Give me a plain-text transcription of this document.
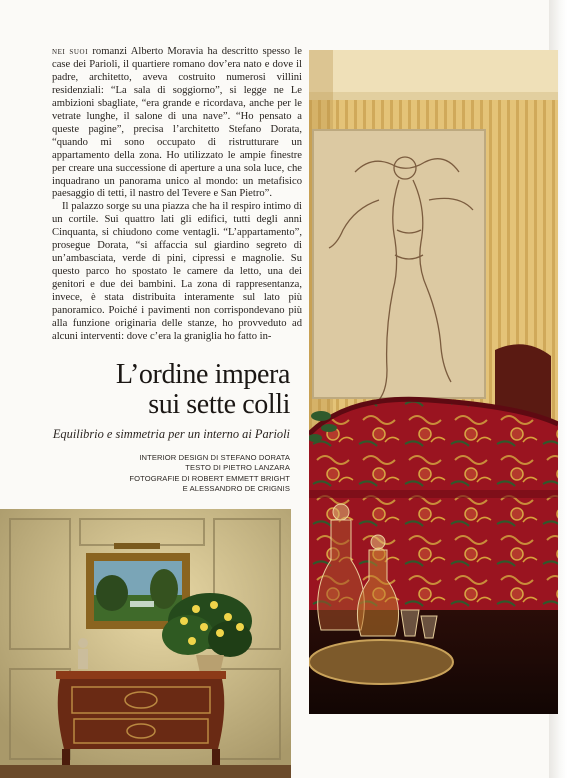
NEI SUOI romanzi Alberto Moravia ha descritto spesso le case dei Parioli, il quartiere romano dov’era nato e dove il padre, architetto, aveva costruito numerosi villini residenziali: “La sala di soggiorno”, si legge ne Le ambizioni sbagliate, “era grande e ricordava, anche per le vetrate lunghe, il salone di una nave”. “Ho pensato a queste pagine”, precisa l’architetto Stefano Dorata, “quando mi sono occupato di ristrutturare un appartamento della zona. Ho utilizzato le ampie finestre per creare una successione di aperture a una sola luce, che inquadrano un panorama unico al mondo: un metafisico paesaggio di tetti, il nastro del Tevere e San Pietro”.

Il palazzo sorge su una piazza che ha il respiro intimo di un cortile. Sui quattro lati gli edifici, tutti degli anni Cinquanta, si chiudono come ventagli. “L’appartamento”, prosegue Dorata, “si affaccia sul giardino segreto di un’ambasciata, verde di pini, cipressi e magnolie. Su questo parco ho spostato le camere da letto, una dei genitori e due dei bambini. La zona di rappresentanza, invece, è stata distribuita interamente sul lato più panoramico. Poiché i pavimenti non corrispondevano più alla funzione originaria delle stanze, ho provveduto ad alcuni interventi: dove c’era la graniglia ho fatto in-

L’ordine impera
sui sette colli
Equilibrio e simmetria per un interno ai Parioli
INTERIOR DESIGN DI STEFANO DORATA
TESTO DI PIETRO LANZARA
FOTOGRAFIE DI ROBERT EMMETT BRIGHT
E ALESSANDRO DE CRIGNIS
